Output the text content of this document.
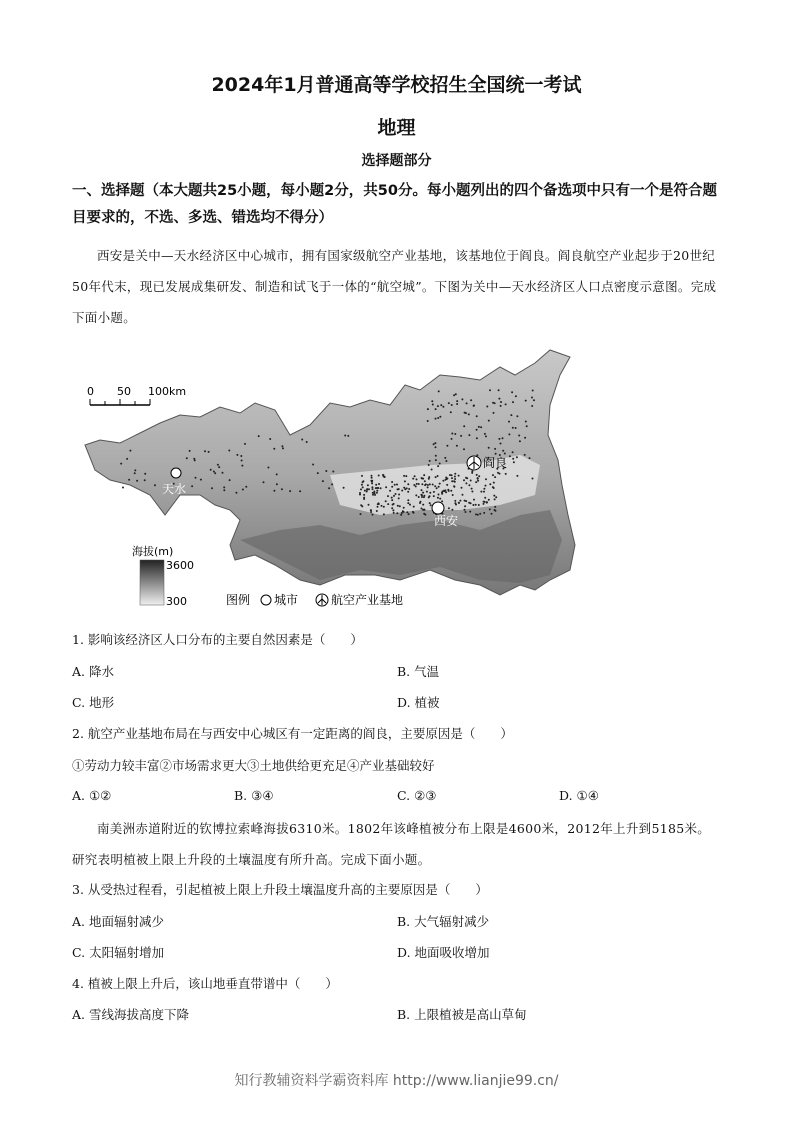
2024年1月普通高等学校招生全国统一考试
地理
选择题部分
一、选择题（本大题共25小题，每小题2分，共50分。每小题列出的四个备选项中只有一个是符合题目要求的，不选、多选、错选均不得分）
西安是关中—天水经济区中心城市，拥有国家级航空产业基地，该基地位于阎良。阎良航空产业起步于20世纪50年代末，现已发展成集研发、制造和试飞于一体的“航空城”。下图为关中—天水经济区人口点密度示意图。完成下面小题。
0 50 100km
天水
西安
阎良
海拔(m)
3600
300	图例 城市	航空产业基地
1. 影响该经济区人口分布的主要自然因素是（　　）
A. 降水	B. 气温
C. 地形	D. 植被
2. 航空产业基地布局在与西安中心城区有一定距离的阎良，主要原因是（　　）
①劳动力较丰富②市场需求更大③土地供给更充足④产业基础较好
A. ①②	B. ③④	C. ②③	D. ①④
南美洲赤道附近的钦博拉索峰海拔6310米。1802年该峰植被分布上限是4600米，2012年上升到5185米。研究表明植被上限上升段的土壤温度有所升高。完成下面小题。
3. 从受热过程看，引起植被上限上升段土壤温度升高的主要原因是（　　）
A. 地面辐射减少	B. 大气辐射减少
C. 太阳辐射增加	D. 地面吸收增加
4. 植被上限上升后，该山地垂直带谱中（　　）
A. 雪线海拔高度下降	B. 上限植被是高山草甸
知行教辅资料学霸资料库 http://www.lianjie99.cn/
